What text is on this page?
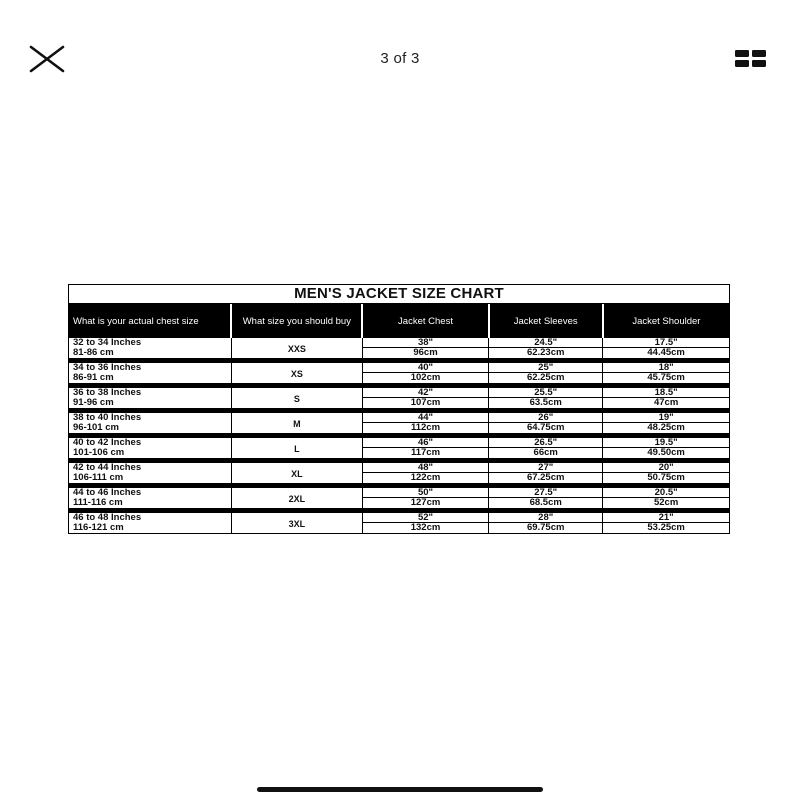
3 of 3
MEN'S JACKET SIZE CHART
What is your actual chest size	What size you should buy	Jacket Chest	Jacket Sleeves	Jacket Shoulder
32 to 34 Inches	XXS	38"	24.5"	17.5"
81-86 cm		96cm	62.23cm	44.45cm

34 to 36 Inches	XS	40"	25"	18"
86-91 cm		102cm	62.25cm	45.75cm

36 to 38 Inches	S	42"	25.5"	18.5"
91-96 cm		107cm	63.5cm	47cm

38 to 40 Inches	M	44"	26"	19"
96-101 cm		112cm	64.75cm	48.25cm

40 to 42 Inches	L	46"	26.5"	19.5"
101-106 cm		117cm	66cm	49.50cm

42 to 44 Inches	XL	48"	27"	20"
106-111 cm		122cm	67.25cm	50.75cm

44 to 46 Inches	2XL	50"	27.5"	20.5"
111-116 cm		127cm	68.5cm	52cm

46 to 48 Inches	3XL	52"	28"	21"
116-121 cm		132cm	69.75cm	53.25cm
